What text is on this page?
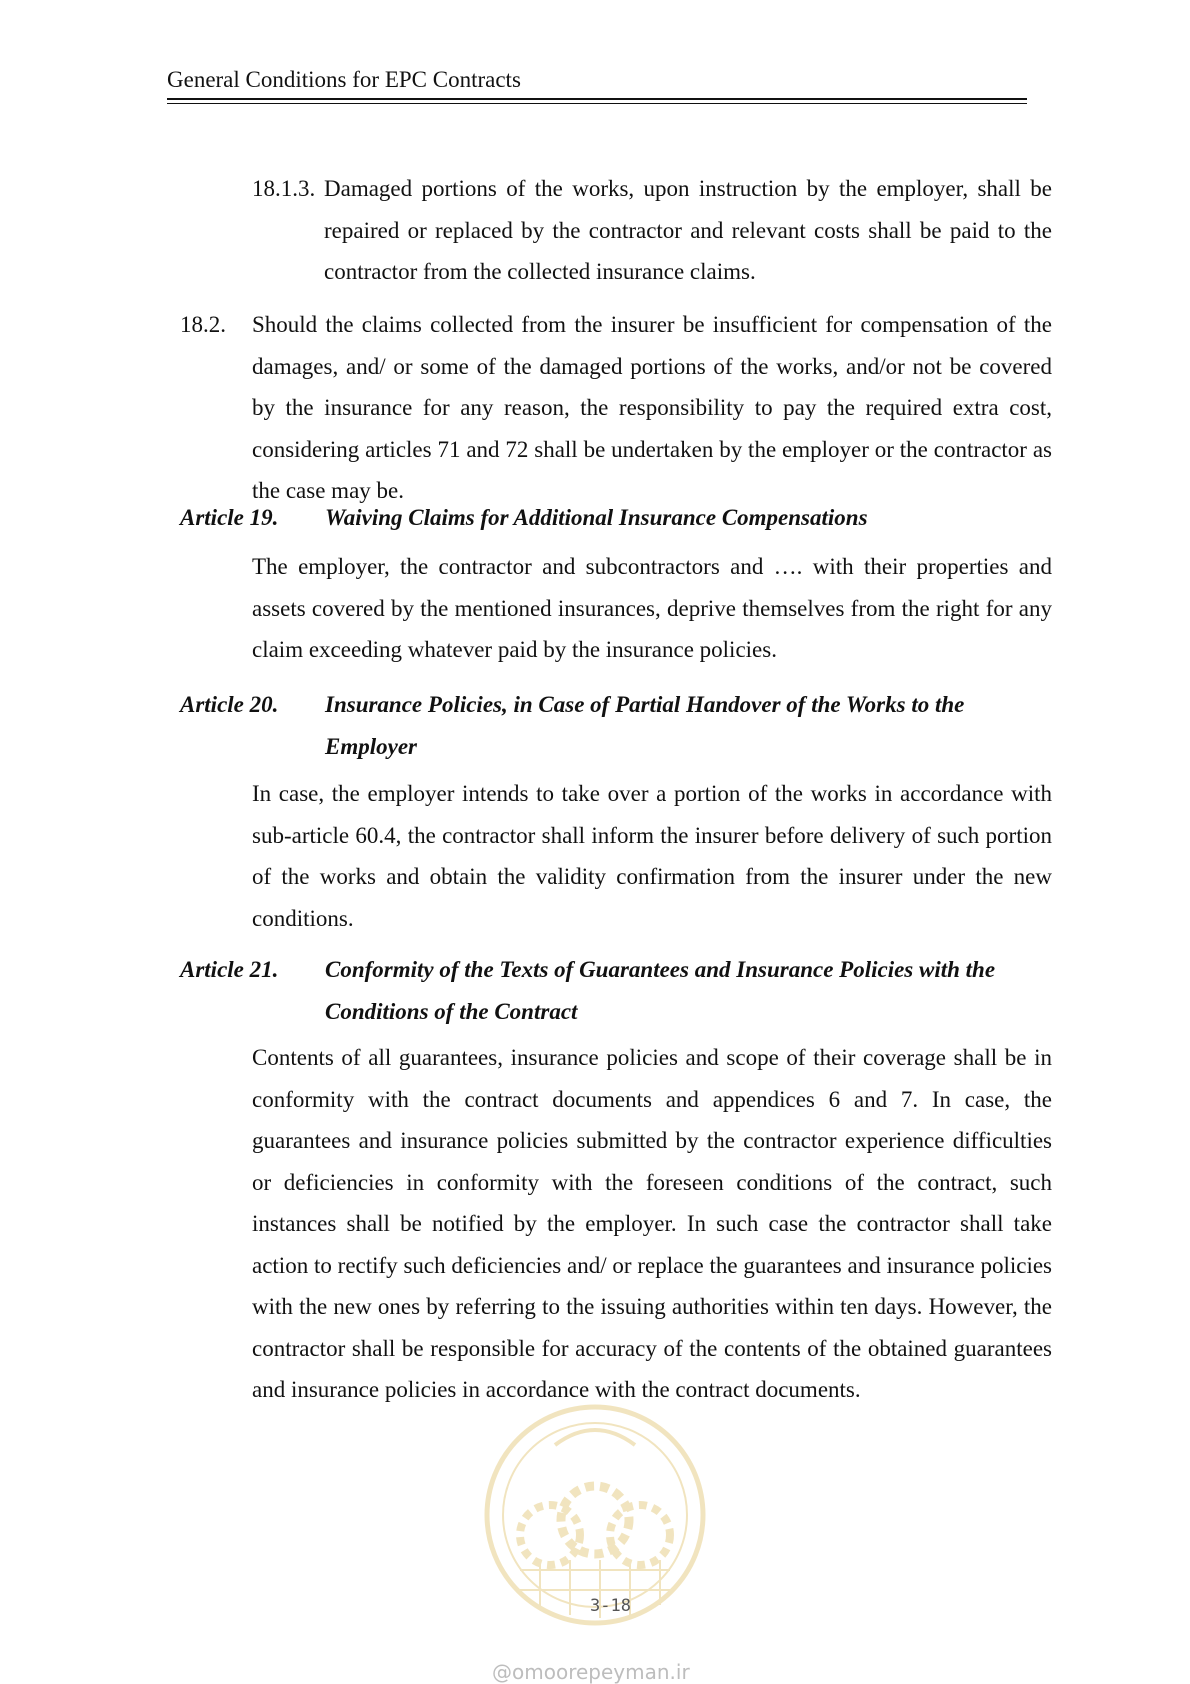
General Conditions for EPC Contracts
18.1.3. Damaged portions of the works, upon instruction by the employer, shall be repaired or replaced by the contractor and relevant costs shall be paid to the contractor from the collected insurance claims.
18.2.	Should the claims collected from the insurer be insufficient for compensation of the damages, and/ or some of the damaged portions of the works, and/or not be covered by the insurance for any reason, the responsibility to pay the required extra cost, considering articles 71 and 72 shall be undertaken by the employer or the contractor as the case may be.
Article 19.	Waiving Claims for Additional Insurance Compensations
The employer, the contractor and subcontractors and …. with their properties and assets covered by the mentioned insurances, deprive themselves from the right for any claim exceeding whatever paid by the insurance policies.
Article 20.	Insurance Policies, in Case of Partial Handover of the Works to the Employer
In case, the employer intends to take over a portion of the works in accordance with sub-article 60.4, the contractor shall inform the insurer before delivery of such portion of the works and obtain the validity confirmation from the insurer under the new conditions.
Article 21.	Conformity of the Texts of Guarantees and Insurance Policies with the Conditions of the Contract
Contents of all guarantees, insurance policies and scope of their coverage shall be in conformity with the contract documents and appendices 6 and 7. In case, the guarantees and insurance policies submitted by the contractor experience difficulties or deficiencies in conformity with the foreseen conditions of the contract, such instances shall be notified by the employer. In such case the contractor shall take action to rectify such deficiencies and/ or replace the guarantees and insurance policies with the new ones by referring to the issuing authorities within ten days. However, the contractor shall be responsible for accuracy of the contents of the obtained guarantees and insurance policies in accordance with the contract documents.
3-18
@omoorepeyman.ir
